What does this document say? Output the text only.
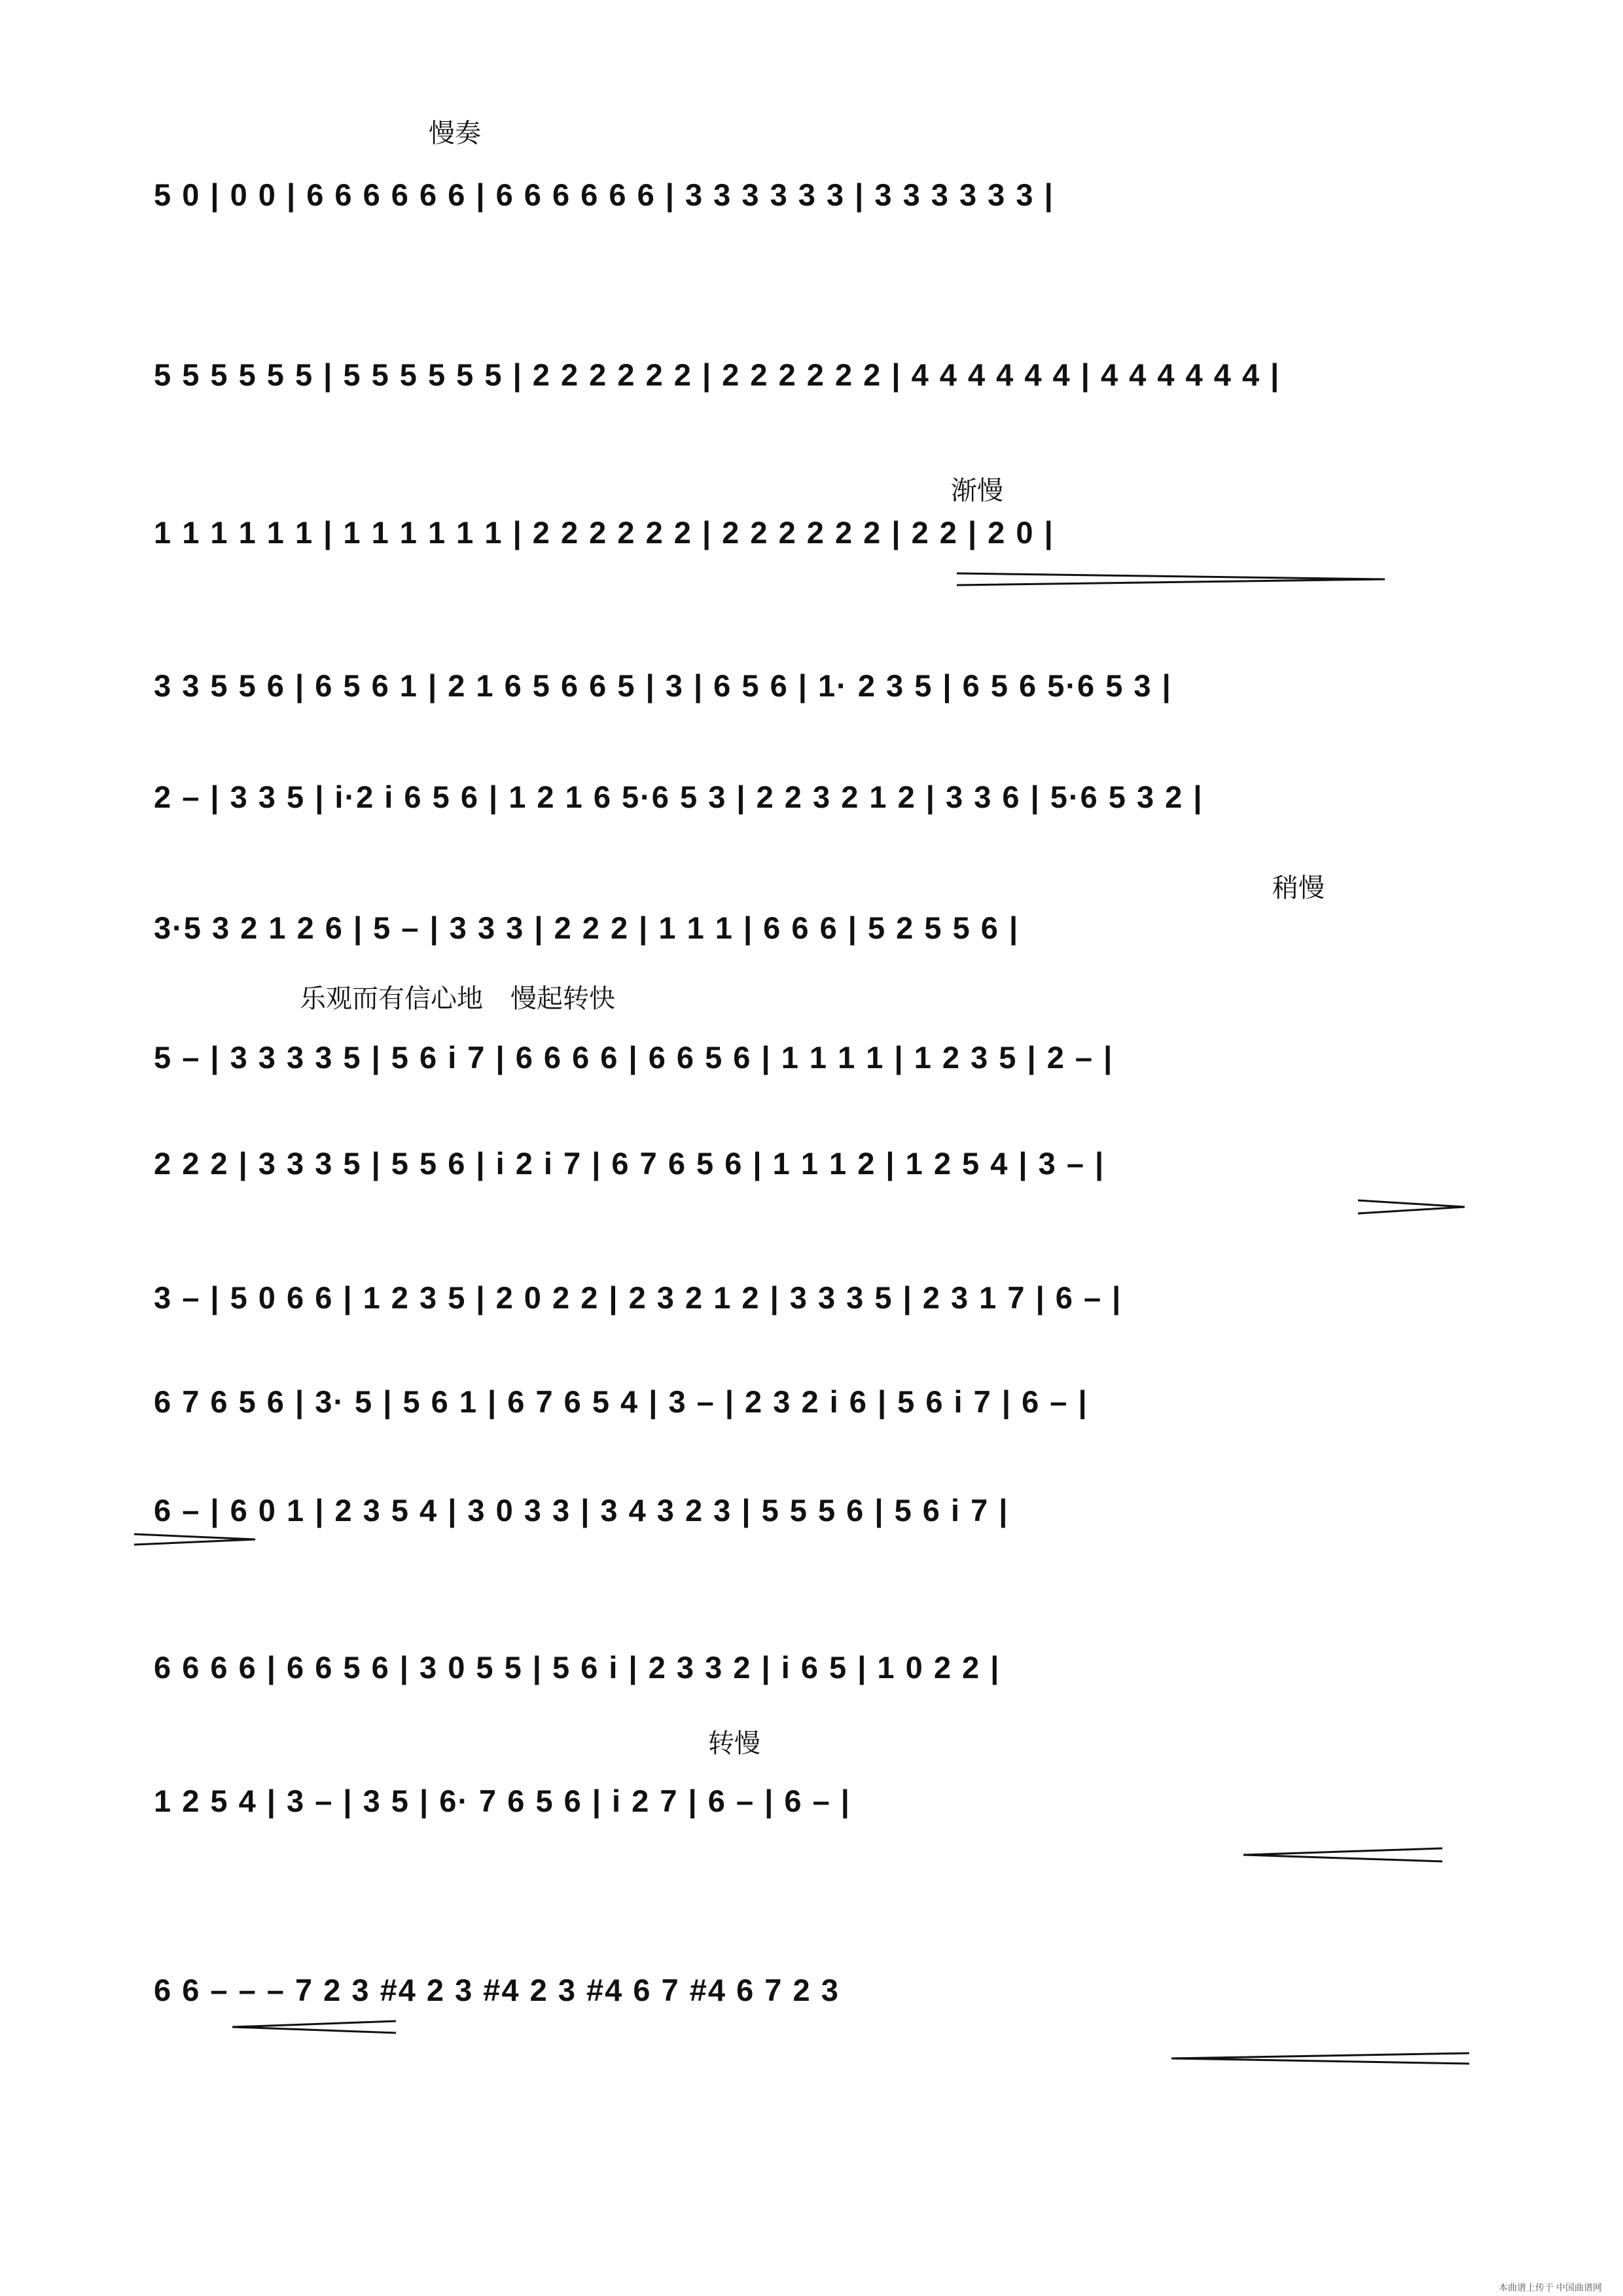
慢奏
渐慢
稍慢
乐观而有信心地 慢起转快
转慢
5 0 | 0 0 | 6 6 6 6 6 6 | 6 6 6 6 6 6 | 3 3 3 3 3 3 | 3 3 3 3 3 3 |
5 5 5 5 5 5 | 5 5 5 5 5 5 | 2 2 2 2 2 2 | 2 2 2 2 2 2 | 4 4 4 4 4 4 | 4 4 4 4 4 4 |
1 1 1 1 1 1 | 1 1 1 1 1 1 | 2 2 2 2 2 2 | 2 2 2 2 2 2 | 2 2 | 2 0 |
3 3 5 5 6 | 6 5 6 1 | 2 1 6 5 6 6 5 | 3 | 6 5 6 | 1· 2 3 5 | 6 5 6 5·6 5 3 |
2 – | 3 3 5 | i·2 i 6 5 6 | 1 2 1 6 5·6 5 3 | 2 2 3 2 1 2 | 3 3 6 | 5·6 5 3 2 |
3·5 3 2 1 2 6 | 5 – | 3 3 3 | 2 2 2 | 1 1 1 | 6 6 6 | 5 2 5 5 6 |
5 – | 3 3 3 3 5 | 5 6 i 7 | 6 6 6 6 | 6 6 5 6 | 1 1 1 1 | 1 2 3 5 | 2 – |
2 2 2 | 3 3 3 5 | 5 5 6 | i 2 i 7 | 6 7 6 5 6 | 1 1 1 2 | 1 2 5 4 | 3 – |
3 – | 5 0 6 6 | 1 2 3 5 | 2 0 2 2 | 2 3 2 1 2 | 3 3 3 5 | 2 3 1 7 | 6 – |
6 7 6 5 6 | 3· 5 | 5 6 1 | 6 7 6 5 4 | 3 – | 2 3 2 i 6 | 5 6 i 7 | 6 – |
6 – | 6 0 1 | 2 3 5 4 | 3 0 3 3 | 3 4 3 2 3 | 5 5 5 6 | 5 6 i 7 |
6 6 6 6 | 6 6 5 6 | 3 0 5 5 | 5 6 i | 2 3 3 2 | i 6 5 | 1 0 2 2 |
1 2 5 4 | 3 – | 3 5 | 6· 7 6 5 6 | i 2 7 | 6 – | 6 – |
6 6 – – – 7 2 3 #4 2 3 #4 2 3 #4 6 7 #4 6 7 2 3
本曲谱上传于 中国曲谱网
